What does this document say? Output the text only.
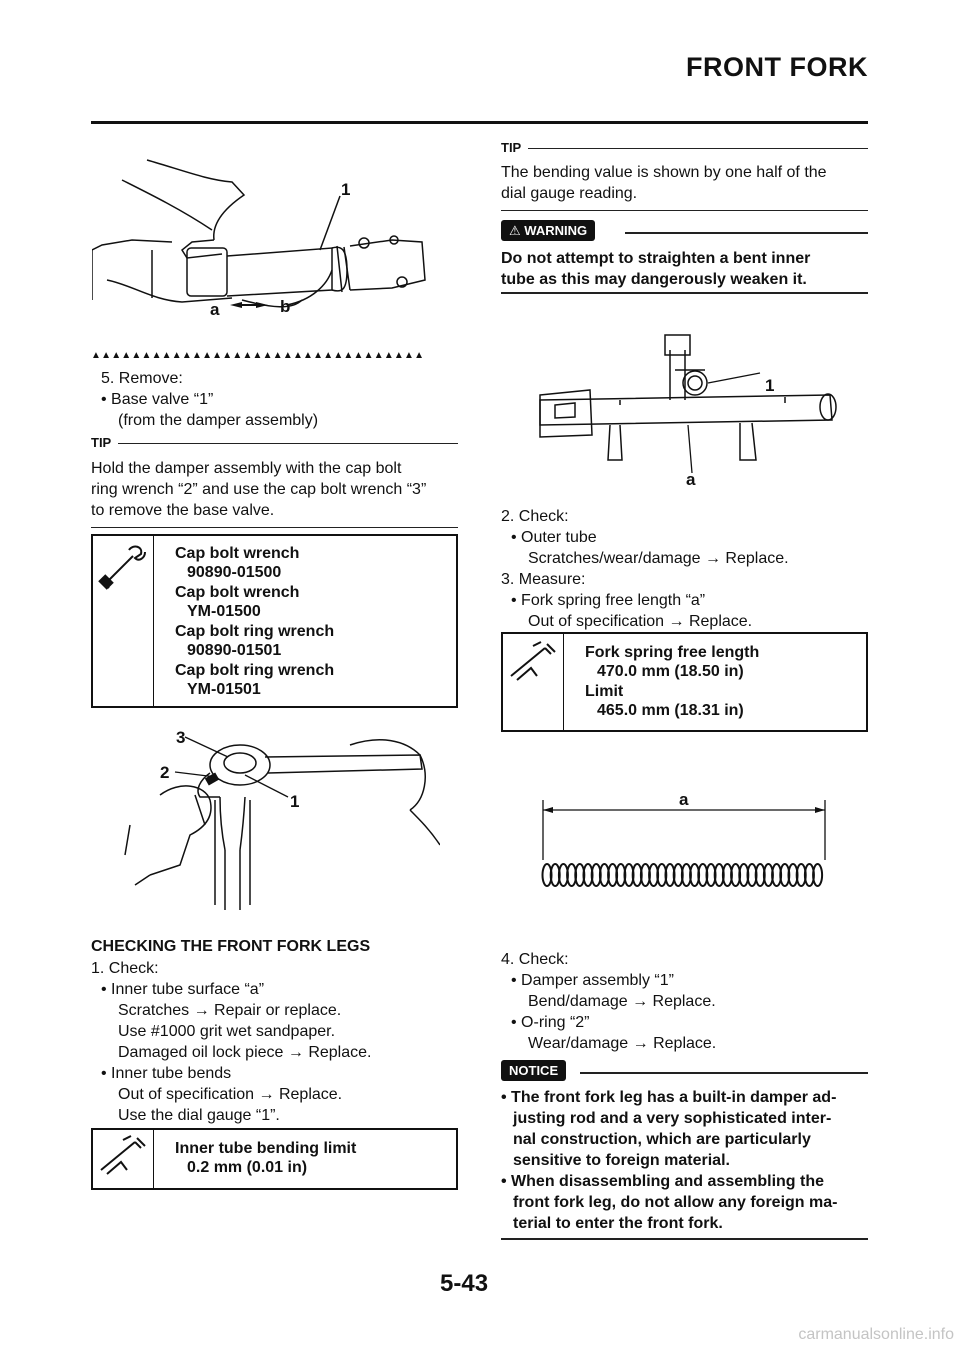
FRONT FORK
1
a	b
▲▲▲▲▲▲▲▲▲▲▲▲▲▲▲▲▲▲▲▲▲▲▲▲▲▲▲▲▲▲▲▲▲
5. Remove:
• Base valve “1”
(from the damper assembly)
TIP
Hold the damper assembly with the cap bolt
ring wrench “2” and use the cap bolt wrench “3”
to remove the base valve.
Cap bolt wrench
90890-01500
Cap bolt wrench
YM-01500
Cap bolt ring wrench
90890-01501
Cap bolt ring wrench
YM-01501
3
2
1
CHECKING THE FRONT FORK LEGS
1. Check:
• Inner tube surface “a”
Scratches → Repair or replace.
Use #1000 grit wet sandpaper.
Damaged oil lock piece → Replace.
• Inner tube bends
Out of specification → Replace.
Use the dial gauge “1”.
Inner tube bending limit
0.2 mm (0.01 in)
TIP
The bending value is shown by one half of the
dial gauge reading.
⚠ WARNING
Do not attempt to straighten a bent inner
tube as this may dangerously weaken it.
1
a
2. Check:
• Outer tube
Scratches/wear/damage → Replace.
3. Measure:
• Fork spring free length “a”
Out of specification → Replace.
Fork spring free length
470.0 mm (18.50 in)
Limit
465.0 mm (18.31 in)
a
4. Check:
• Damper assembly “1”
Bend/damage → Replace.
• O-ring “2”
Wear/damage → Replace.
NOTICE
• The front fork leg has a built-in damper ad-
justing rod and a very sophisticated inter-
nal construction, which are particularly
sensitive to foreign material.
• When disassembling and assembling the
front fork leg, do not allow any foreign ma-
terial to enter the front fork.
5-43
carmanualsonline.info
